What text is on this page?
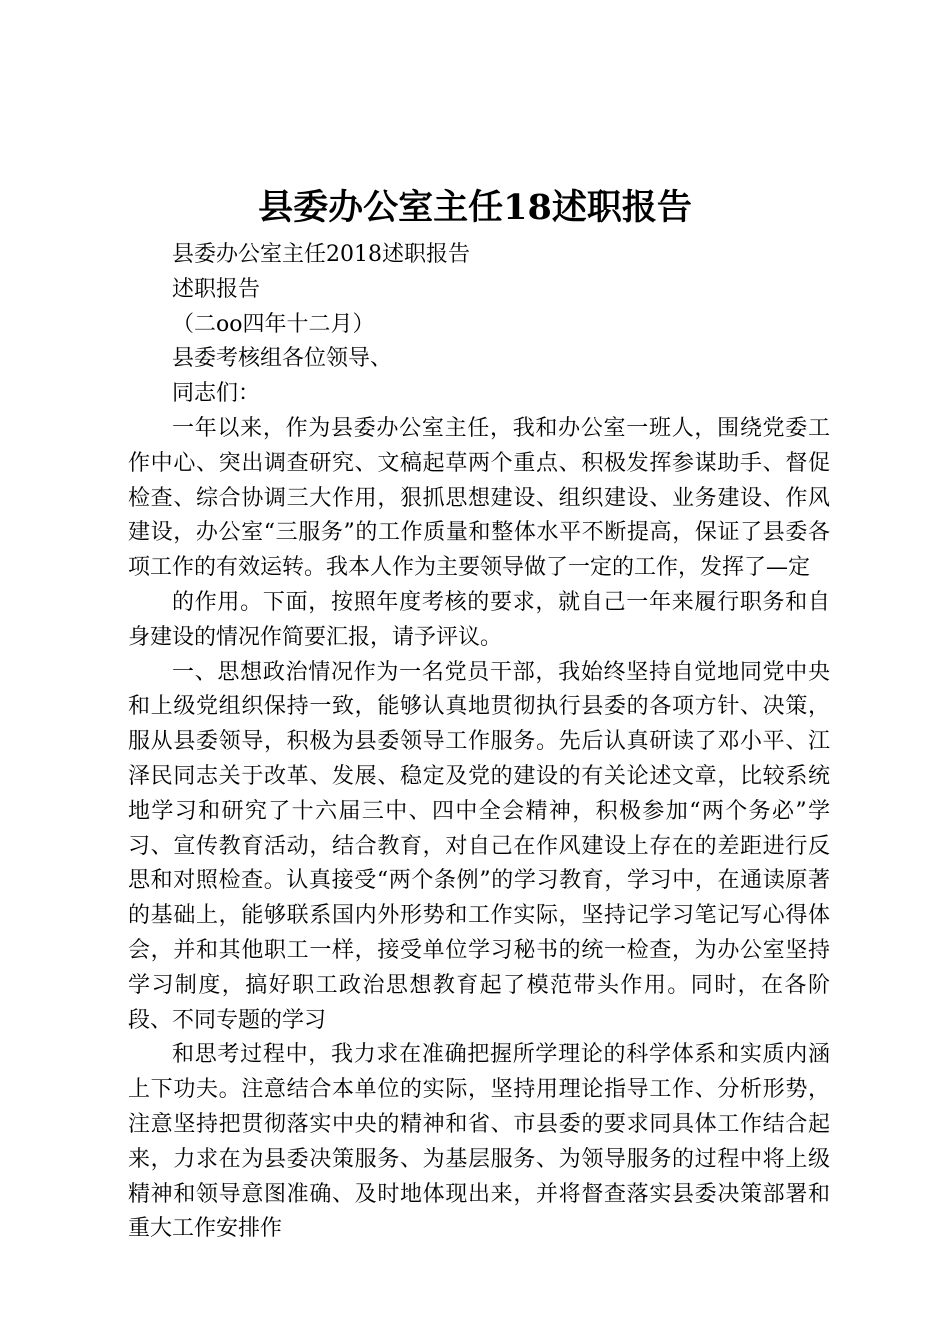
县委办公室主任18述职报告

县委办公室主任2018述职报告

述职报告

（二oo四年十二月）

县委考核组各位领导、

同志们：

一年以来，作为县委办公室主任，我和办公室一班人，围绕党委工作中心、突出调查研究、文稿起草两个重点、积极发挥参谋助手、督促检查、综合协调三大作用，狠抓思想建设、组织建设、业务建设、作风建设，办公室“三服务”的工作质量和整体水平不断提高，保证了县委各项工作的有效运转。我本人作为主要领导做了一定的工作，发挥了—定

的作用。下面，按照年度考核的要求，就自己一年来履行职务和自身建设的情况作简要汇报，请予评议。

一、思想政治情况作为一名党员干部，我始终坚持自觉地同党中央和上级党组织保持一致，能够认真地贯彻执行县委的各项方针、决策，服从县委领导，积极为县委领导工作服务。先后认真研读了邓小平、江泽民同志关于改革、发展、稳定及党的建设的有关论述文章，比较系统地学习和研究了十六届三中、四中全会精神，积极参加“两个务必”学习、宣传教育活动，结合教育，对自己在作风建设上存在的差距进行反思和对照检查。认真接受“两个条例”的学习教育，学习中，在通读原著的基础上，能够联系国内外形势和工作实际，坚持记学习笔记写心得体会，并和其他职工一样，接受单位学习秘书的统一检查，为办公室坚持学习制度，搞好职工政治思想教育起了模范带头作用。同时，在各阶段、不同专题的学习

和思考过程中，我力求在准确把握所学理论的科学体系和实质内涵上下功夫。注意结合本单位的实际，坚持用理论指导工作、分析形势，注意坚持把贯彻落实中央的精神和省、市县委的要求同具体工作结合起来，力求在为县委决策服务、为基层服务、为领导服务的过程中将上级精神和领导意图准确、及时地体现出来，并将督查落实县委决策部署和重大工作安排作
